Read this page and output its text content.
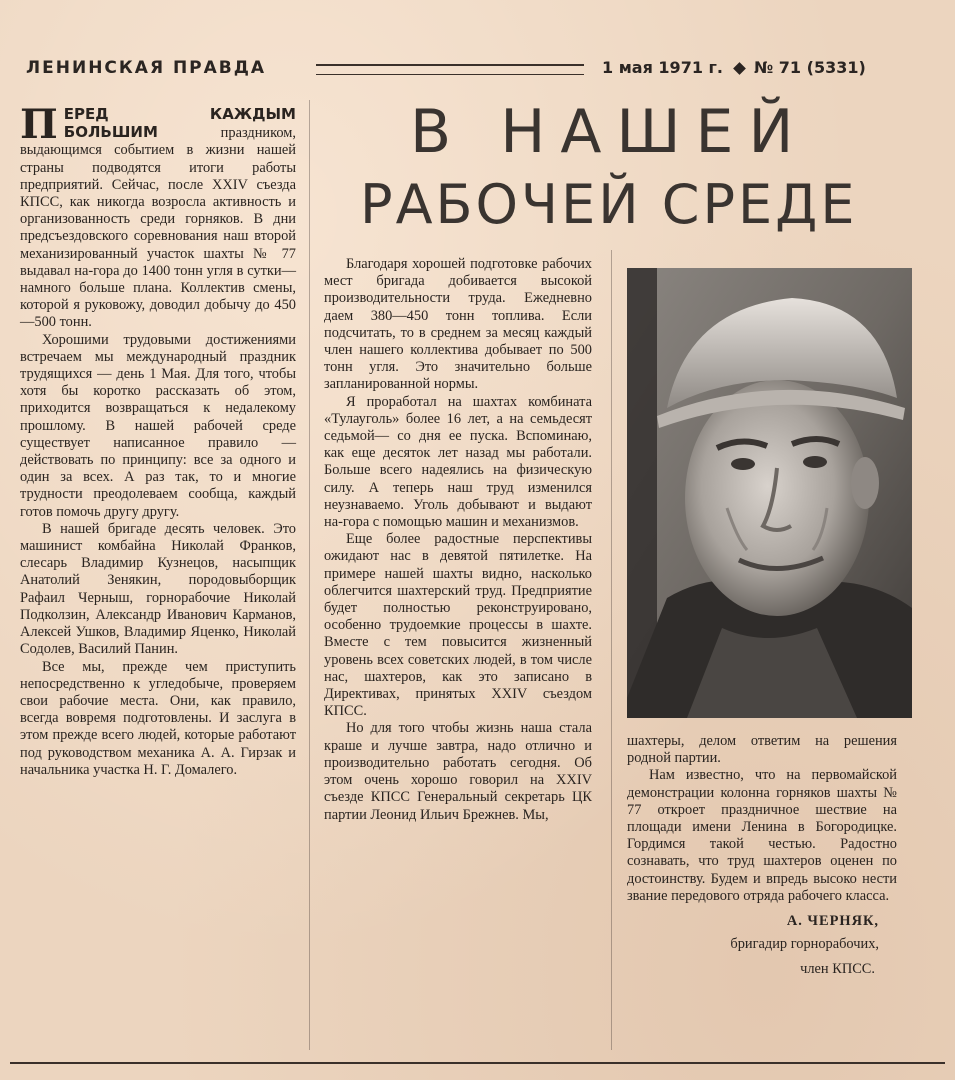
ЛЕНИНСКАЯ ПРАВДА	1 мая 1971 г. № 71 (5331)
В НАШЕЙ
РАБОЧЕЙ СРЕДЕ

ПЕРЕД КАЖДЫМ БОЛЬШИМ	праздником, выдающимся событием в жизни нашей страны подводятся итоги работы предприятий. Сейчас, после XXIV съезда КПСС, как никогда возросла активность и организованность среди горняков. В дни предсъездовского соревнования наш второй механизированный участок шахты № 77 выдавал на-гора до 1400 тонн угля в сутки—намного больше плана. Коллектив смены, которой я руковожу, доводил добычу до 450—500 тонн.

Хорошими трудовыми достижениями встречаем мы международный праздник трудящихся — день 1 Мая. Для того, чтобы хотя бы коротко рассказать об этом, приходится возвращаться к недалекому прошлому. В нашей рабочей среде существует написанное правило — действовать по принципу: все за одного и один за всех. А раз так, то и многие трудности преодолеваем сообща, каждый готов помочь другу другу.

В нашей бригаде десять человек. Это машинист комбайна Николай Франков, слесарь Владимир Кузнецов, насыпщик Анатолий Зенякин, породовыборщик Рафаил Черныш, горнорабочие Николай Подколзин, Александр Иванович Карманов, Алексей Ушков, Владимир Яценко, Николай Содолев, Василий Панин.

Все мы, прежде чем приступить непосредственно к угледобыче, проверяем свои рабочие места. Они, как правило, всегда вовремя подготовлены. И заслуга в этом прежде всего людей, которые работают под руководством механика А. А. Гирзак и начальника участка Н. Г. Домалего.

Благодаря хорошей подготовке рабочих мест бригада добивается высокой производительности труда. Ежедневно даем 380—450 тонн топлива. Если подсчитать, то в среднем за месяц каждый член нашего коллектива добывает по 500 тонн угля. Это значительно больше запланированной нормы.

Я проработал на шахтах комбината «Тулауголь» более 16 лет, а на семьдесят седьмой— со дня ее пуска. Вспоминаю, как еще десяток лет назад мы работали. Больше всего надеялись на физическую силу. А теперь наш труд изменился неузнаваемо. Уголь добывают и выдают на-гора с помощью машин и механизмов.

Еще более радостные перспективы ожидают нас в девятой пятилетке. На примере нашей шахты видно, насколько облегчится шахтерский труд. Предприятие будет полностью реконструировано, особенно трудоемкие процессы в шахте. Вместе с тем повысится жизненный уровень всех советских людей, в том числе нас, шахтеров, как это записано в Директивах, принятых XXIV съездом КПСС.

Но для того чтобы жизнь наша стала краше и лучше завтра, надо отлично и производительно работать сегодня. Об этом очень хорошо говорил на XXIV съезде КПСС Генеральный секретарь ЦК партии Леонид Ильич Брежнев. Мы,

шахтеры, делом ответим на решения родной партии.

Нам известно, что на первомайской демонстрации колонна горняков шахты № 77 откроет праздничное шествие на площади имени Ленина в Богородицке. Гордимся такой честью. Радостно сознавать, что труд шахтеров оценен по достоинству. Будем и впредь высоко нести звание передового отряда рабочего класса.

А. ЧЕРНЯК,

бригадир горнорабочих,

член КПСС.
